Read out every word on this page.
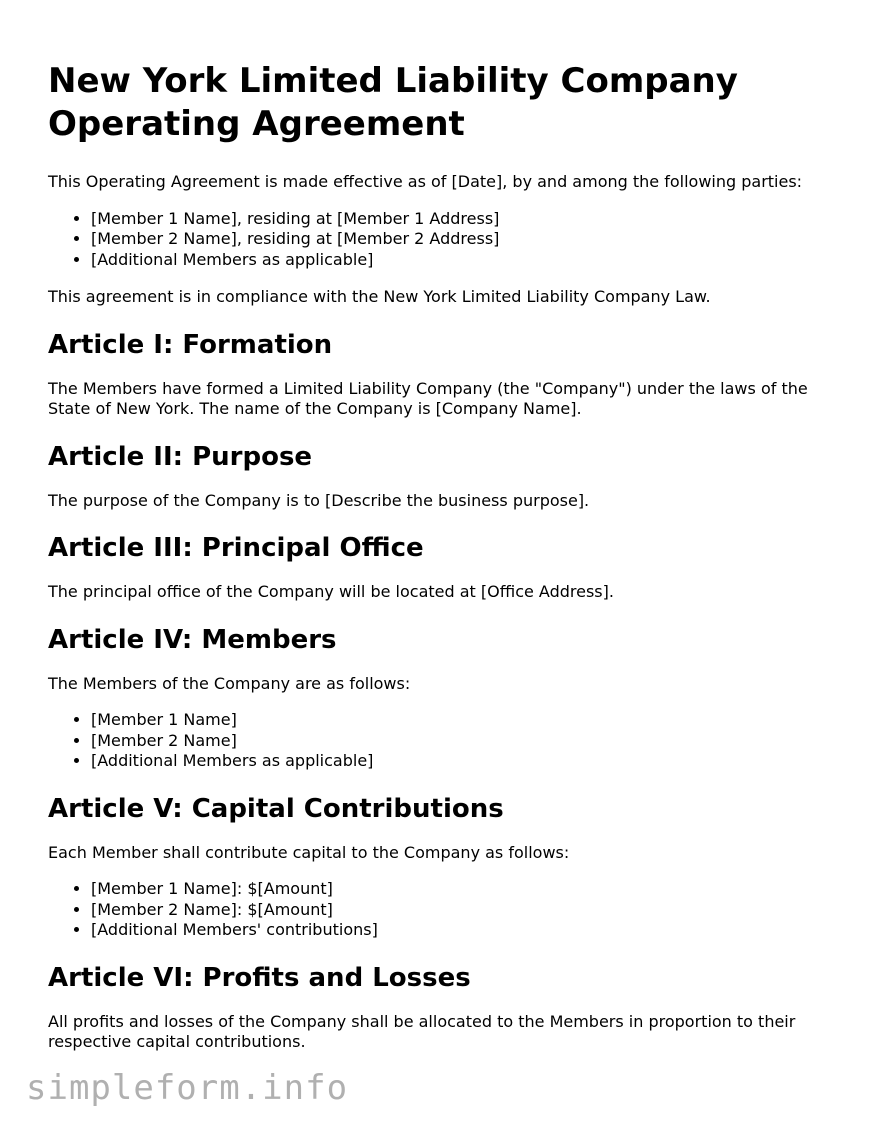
New York Limited Liability Company Operating Agreement

This Operating Agreement is made effective as of [Date], by and among the following parties:

• [Member 1 Name], residing at [Member 1 Address]
• [Member 2 Name], residing at [Member 2 Address]
• [Additional Members as applicable]

This agreement is in compliance with the New York Limited Liability Company Law.

Article I: Formation

The Members have formed a Limited Liability Company (the "Company") under the laws of the State of New York. The name of the Company is [Company Name].

Article II: Purpose

The purpose of the Company is to [Describe the business purpose].

Article III: Principal Office

The principal office of the Company will be located at [Office Address].

Article IV: Members

The Members of the Company are as follows:

• [Member 1 Name]
• [Member 2 Name]
• [Additional Members as applicable]
Article V: Capital Contributions

Each Member shall contribute capital to the Company as follows:

• [Member 1 Name]: $[Amount]
• [Member 2 Name]: $[Amount]
• [Additional Members' contributions]
Article VI: Profits and Losses

All profits and losses of the Company shall be allocated to the Members in proportion to their respective capital contributions.

simpleform.info
